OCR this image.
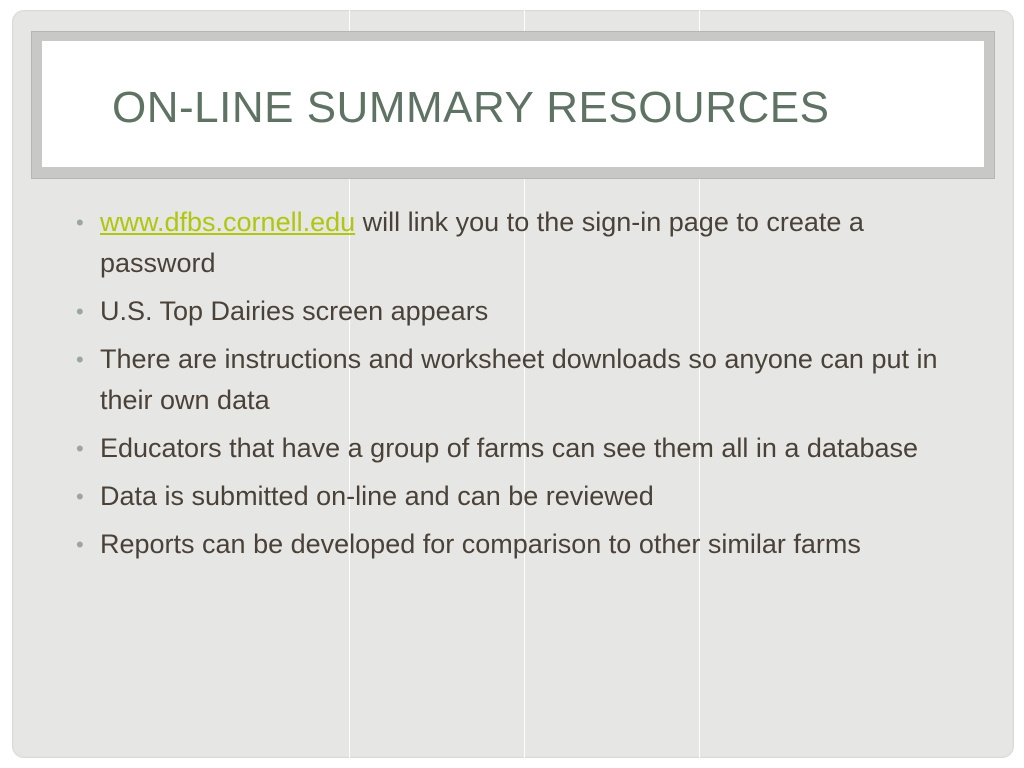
ON-LINE SUMMARY RESOURCES
• www.dfbs.cornell.edu will link you to the sign-in page to create a password
• U.S. Top Dairies screen appears
• There are instructions and worksheet downloads so anyone can put in their own data
• Educators that have a group of farms can see them all in a database
• Data is submitted on-line and can be reviewed
• Reports can be developed for comparison to other similar farms
